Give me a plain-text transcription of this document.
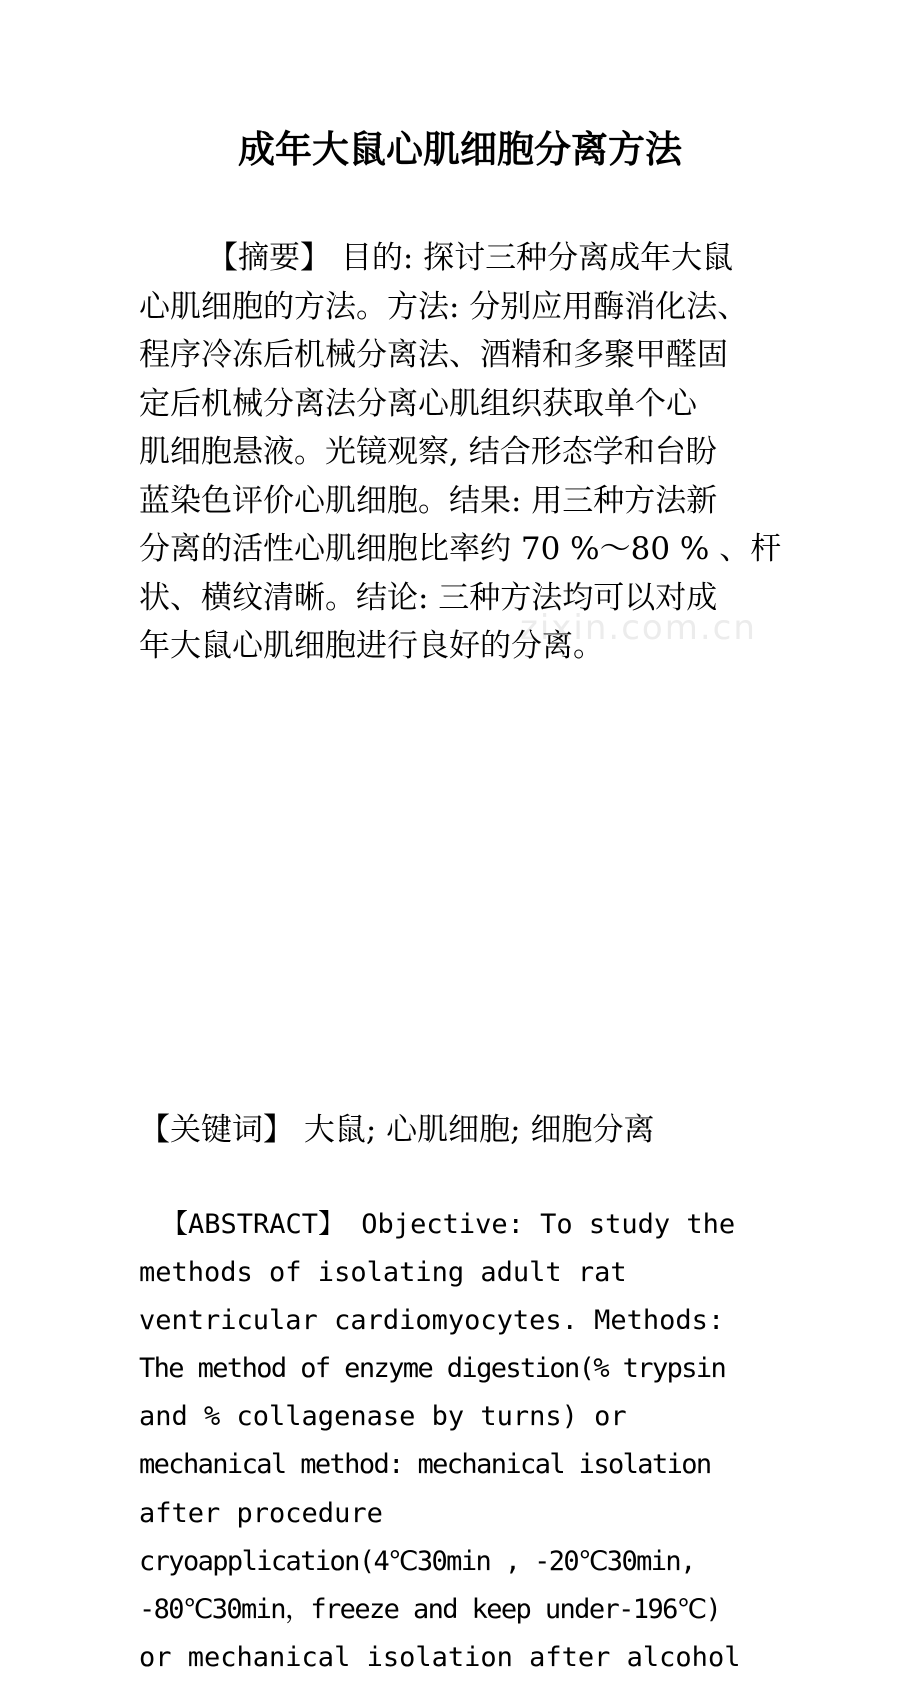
zixin.com.cn
成年大鼠心肌细胞分离方法
【摘要】 目的: 探讨三种分离成年大鼠
心肌细胞的方法。方法: 分别应用酶消化法、
程序冷冻后机械分离法、酒精和多聚甲醛固
定后机械分离法分离心肌组织获取单个心
肌细胞悬液。光镜观察, 结合形态学和台盼
蓝染色评价心肌细胞。结果: 用三种方法新
分离的活性心肌细胞比率约 70 %～80 % 、杆
状、横纹清晰。结论: 三种方法均可以对成
年大鼠心肌细胞进行良好的分离。
【关键词】 大鼠; 心肌细胞; 细胞分离
【ABSTRACT】 Objective: To study the
methods of isolating adult rat
ventricular cardiomyocytes. Methods:
The method of enzyme digestion(% trypsin
and % collagenase by turns) or
mechanical method: mechanical isolation
after procedure
cryoapplication(4℃30min , -20℃30min,
-80℃30min，freeze and keep under-196℃)
or mechanical isolation after alcohol
